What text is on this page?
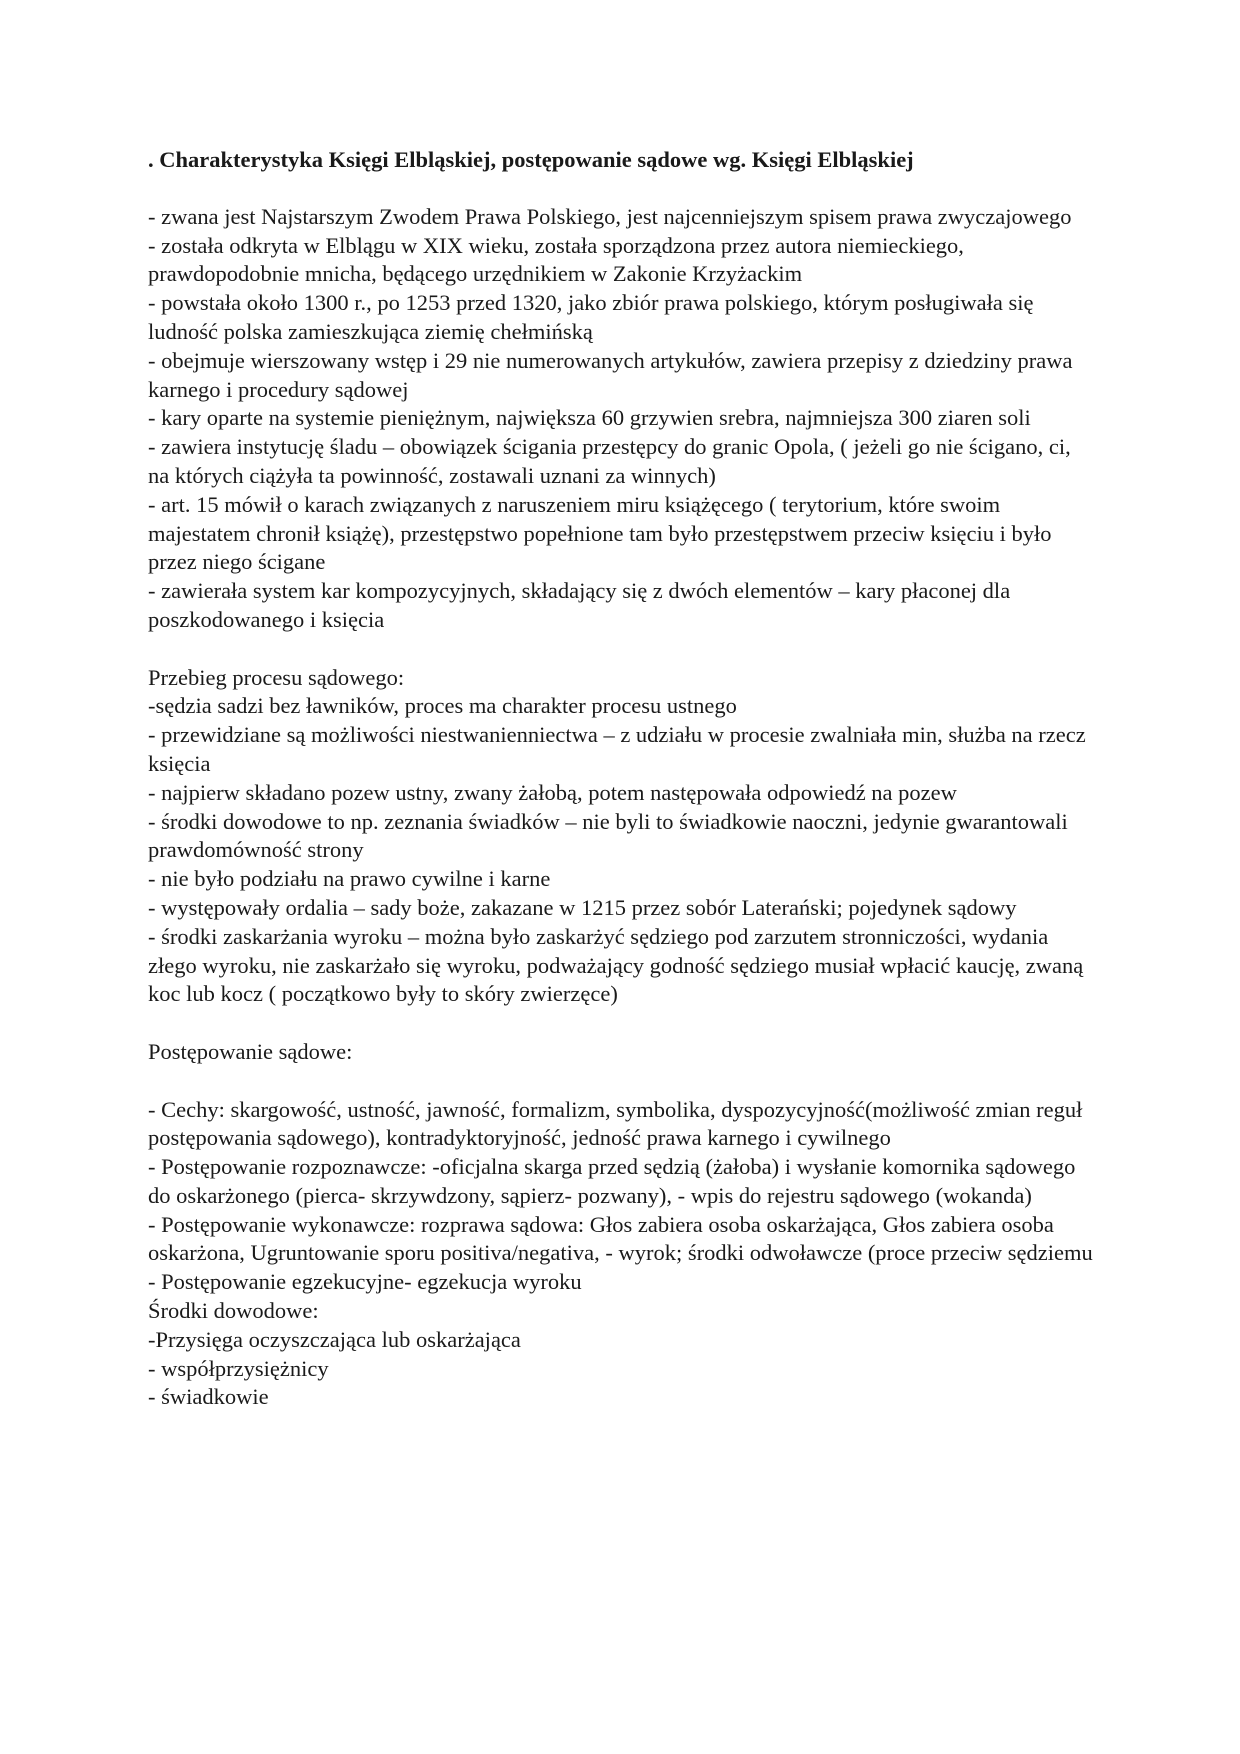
. Charakterystyka Księgi Elbląskiej, postępowanie sądowe wg. Księgi Elbląskiej

- zwana jest Najstarszym Zwodem Prawa Polskiego, jest najcenniejszym spisem prawa zwyczajowego

- została odkryta w Elblągu w XIX wieku, została sporządzona przez autora niemieckiego, prawdopodobnie mnicha, będącego urzędnikiem w Zakonie Krzyżackim

- powstała około 1300 r., po 1253 przed 1320, jako zbiór prawa polskiego, którym posługiwała się ludność polska zamieszkująca ziemię chełmińską

- obejmuje wierszowany wstęp i 29 nie numerowanych artykułów, zawiera przepisy z dziedziny prawa karnego i procedury sądowej

- kary oparte na systemie pieniężnym, największa 60 grzywien srebra, najmniejsza 300 ziaren soli

- zawiera instytucję śladu – obowiązek ścigania przestępcy do granic Opola, ( jeżeli go nie ścigano, ci, na których ciążyła ta powinność, zostawali uznani za winnych)

- art. 15 mówił o karach związanych z naruszeniem miru książęcego ( terytorium, które swoim majestatem chronił książę), przestępstwo popełnione tam było przestępstwem przeciw księciu i było przez niego ścigane

- zawierała system kar kompozycyjnych, składający się z dwóch elementów – kary płaconej dla poszkodowanego i księcia

Przebieg procesu sądowego:

-sędzia sadzi bez ławników, proces ma charakter procesu ustnego

- przewidziane są możliwości niestwanienniectwa – z udziału w procesie zwalniała min, służba na rzecz księcia

- najpierw składano pozew ustny, zwany żałobą, potem następowała odpowiedź na pozew

- środki dowodowe to np. zeznania świadków – nie byli to świadkowie naoczni, jedynie gwarantowali prawdomówność strony

- nie było podziału na prawo cywilne i karne

- występowały ordalia – sady boże, zakazane w 1215 przez sobór Laterański; pojedynek sądowy

- środki zaskarżania wyroku – można było zaskarżyć sędziego pod zarzutem stronniczości, wydania złego wyroku, nie zaskarżało się wyroku, podważający godność sędziego musiał wpłacić kaucję, zwaną koc lub kocz ( początkowo były to skóry zwierzęce)

Postępowanie sądowe:

- Cechy: skargowość, ustność, jawność, formalizm, symbolika, dyspozycyjność(możliwość zmian reguł postępowania sądowego), kontradyktoryjność, jedność prawa karnego i cywilnego

- Postępowanie rozpoznawcze: -oficjalna skarga przed sędzią (żałoba) i wysłanie komornika sądowego do oskarżonego (pierca- skrzywdzony, sąpierz- pozwany), - wpis do rejestru sądowego (wokanda)

- Postępowanie wykonawcze: rozprawa sądowa: Głos zabiera osoba oskarżająca, Głos zabiera osoba oskarżona, Ugruntowanie sporu positiva/negativa, - wyrok; środki odwoławcze (proce przeciw sędziemu

- Postępowanie egzekucyjne- egzekucja wyroku

Środki dowodowe:

-Przysięga oczyszczająca lub oskarżająca

- współprzysiężnicy

- świadkowie
